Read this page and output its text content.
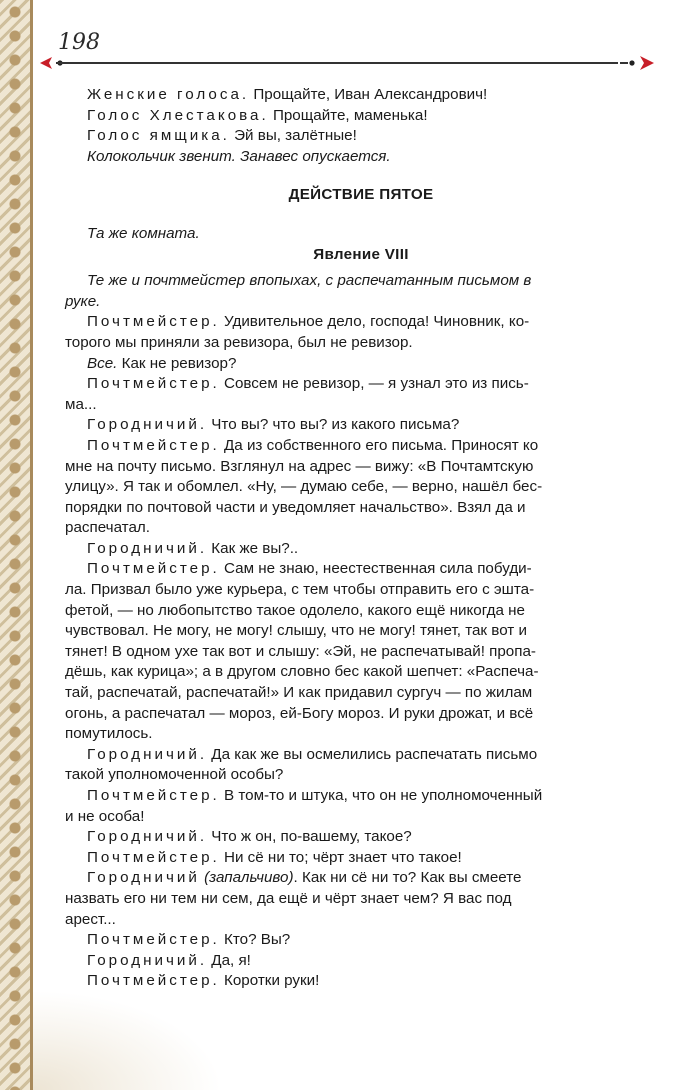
198

Женские голоса. Прощайте, Иван Александрович!

Голос Хлестакова. Прощайте, маменька!

Голос ямщика. Эй вы, залётные!

Колокольчик звенит. Занавес опускается.

ДЕЙСТВИЕ ПЯТОЕ

Та же комната.

Явление VIII

Те же и почтмейстер впопыхах, с распечатанным письмом в

руке.

Почтмейстер. Удивительное дело, господа! Чиновник, ко-

торого мы приняли за ревизора, был не ревизор.

Все. Как не ревизор?

Почтмейстер. Совсем не ревизор, — я узнал это из пись-

ма...

Городничий. Что вы? что вы? из какого письма?

Почтмейстер. Да из собственного его письма. Приносят ко

мне на почту письмо. Взглянул на адрес — вижу: «В Почтамтскую

улицу». Я так и обомлел. «Ну, — думаю себе, — верно, нашёл бес-

порядки по почтовой части и уведомляет начальство». Взял да и

распечатал.

Городничий. Как же вы?..

Почтмейстер. Сам не знаю, неестественная сила побуди-

ла. Призвал было уже курьера, с тем чтобы отправить его с эшта-

фетой, — но любопытство такое одолело, какого ещё никогда не

чувствовал. Не могу, не могу! слышу, что не могу! тянет, так вот и

тянет! В одном ухе так вот и слышу: «Эй, не распечатывай! пропа-

дёшь, как курица»; а в другом словно бес какой шепчет: «Распеча-

тай, распечатай, распечатай!» И как придавил сургуч — по жилам

огонь, а распечатал — мороз, ей-Богу мороз. И руки дрожат, и всё

помутилось.

Городничий. Да как же вы осмелились распечатать письмо

такой уполномоченной особы?

Почтмейстер. В том-то и штука, что он не уполномоченный

и не особа!

Городничий. Что ж он, по-вашему, такое?

Почтмейстер. Ни сё ни то; чёрт знает что такое!

Городничий (запальчиво). Как ни сё ни то? Как вы смеете

назвать его ни тем ни сем, да ещё и чёрт знает чем? Я вас под

арест...

Почтмейстер. Кто? Вы?

Городничий. Да, я!

Почтмейстер. Коротки руки!
